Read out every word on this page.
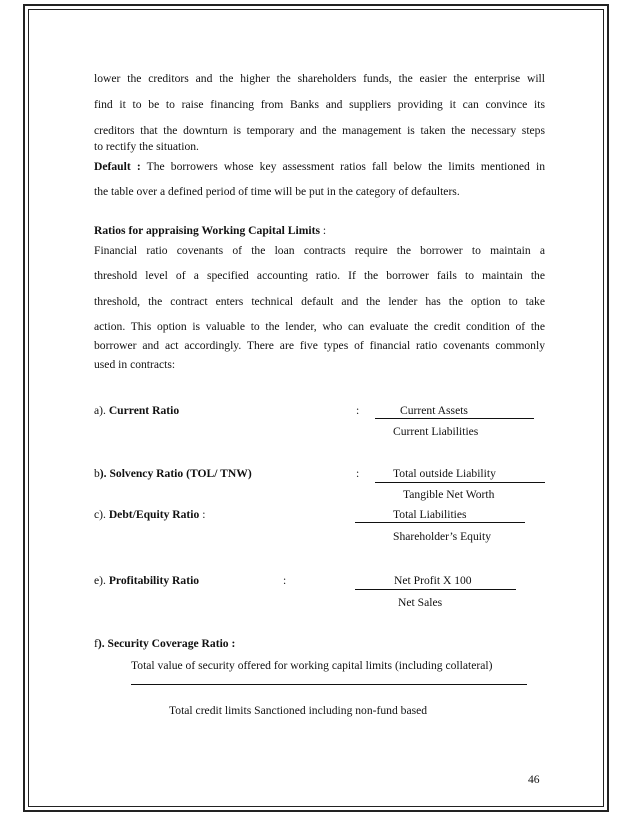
lower the creditors and the higher the shareholders funds, the easier the enterprise will
find it to be to raise financing from Banks and suppliers providing it can convince its
creditors that the downturn is temporary and the management is taken the necessary steps
to rectify the situation.
Default : The borrowers whose key assessment ratios fall below the limits mentioned in
the table over a defined period of time will be put in the category of defaulters.
Ratios for appraising Working Capital Limits :
Financial ratio covenants of the loan contracts require the borrower to maintain a
threshold level of a specified accounting ratio. If the borrower fails to maintain the
threshold, the contract enters technical default and the lender has the option to take
action. This option is valuable to the lender, who can evaluate the credit condition of the
borrower and act accordingly. There are five types of financial ratio covenants commonly
used in contracts:
a). Current Ratio	:	Current Assets
Current Liabilities
b). Solvency Ratio (TOL/ TNW)	:	Total outside Liability
Tangible Net Worth
c). Debt/Equity Ratio :	Total Liabilities
Shareholder’s Equity
e). Profitability Ratio	:	Net Profit X 100
Net Sales
f). Security Coverage Ratio :
Total value of security offered for working capital limits (including collateral)
Total credit limits Sanctioned including non-fund based
46
